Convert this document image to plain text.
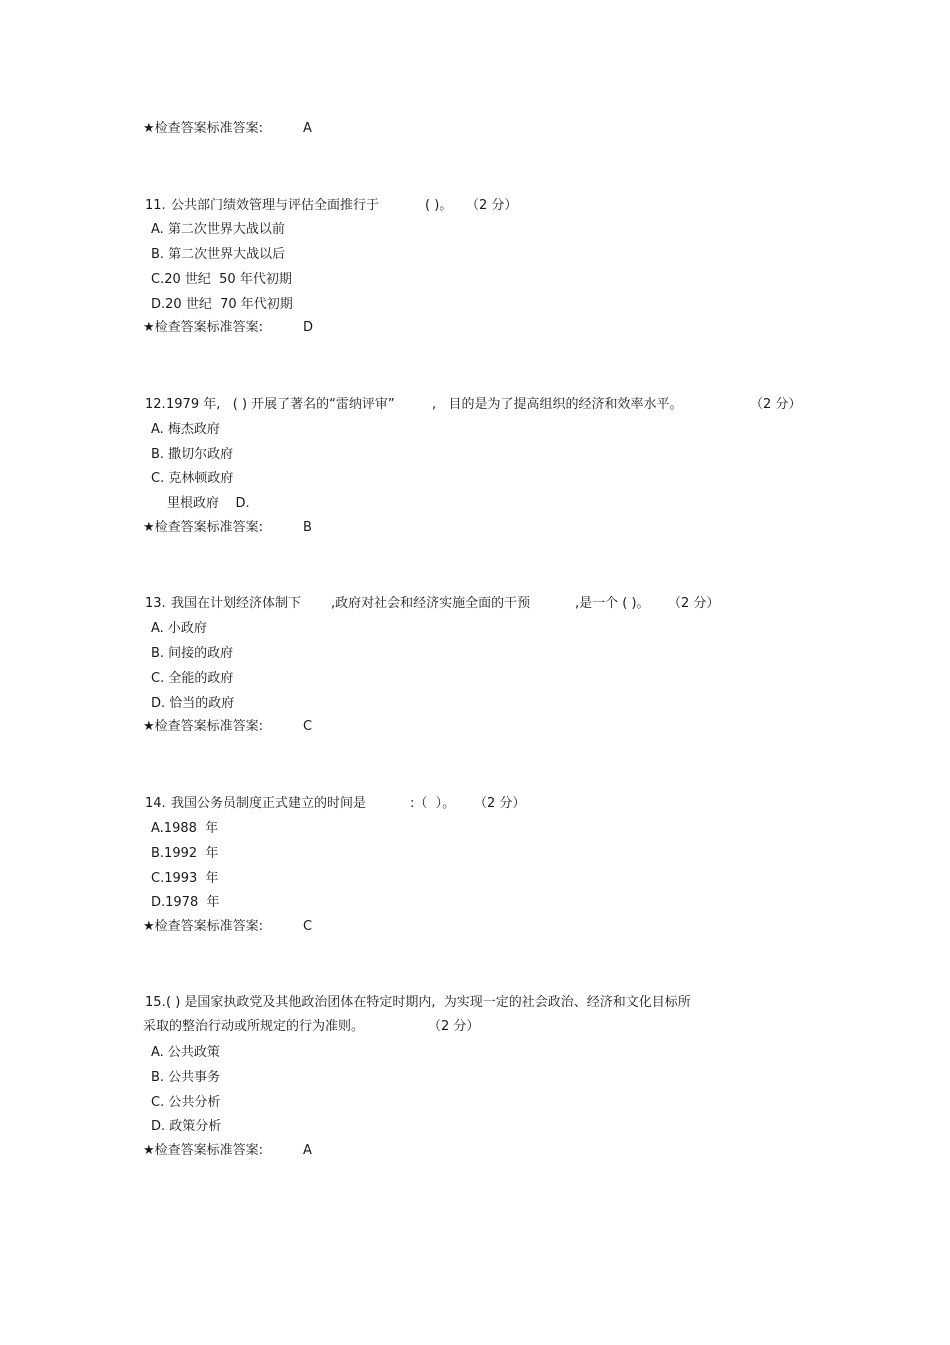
★检查答案标准答案:	A
11. 公共部门绩效管理与评估全面推行于	( )。 （2 分）
A. 第二次世界大战以前
B. 第二次世界大战以后
C.20 世纪  50 年代初期
D.20 世纪  70 年代初期
★检查答案标准答案:	D
12. 1979 年,   ( ) 开展了著名的“雷纳评审”	,   目的是为了提高组织的经济和效率水平。	（2 分）
A. 梅杰政府
B. 撒切尔政府
C. 克林顿政府
里根政府    D.
★检查答案标准答案:	B
13. 我国在计划经济体制下 ,政府对社会和经济实施全面的干预	,是一个 ( )。 （2 分）
A. 小政府
B. 间接的政府
C. 全能的政府
D. 恰当的政府
★检查答案标准答案:	C
14. 我国公务员制度正式建立的时间是	:（  ）。 （2 分）
A.1988  年
B.1992  年
C.1993  年
D.1978  年
★检查答案标准答案:	C
15. ( ) 是国家执政党及其他政治团体在特定时期内,  为实现一定的社会政治、经济和文化目标所
采取的整治行动或所规定的行为准则。	（2 分）
A. 公共政策
B. 公共事务
C. 公共分析
D. 政策分析
★检查答案标准答案:	A
